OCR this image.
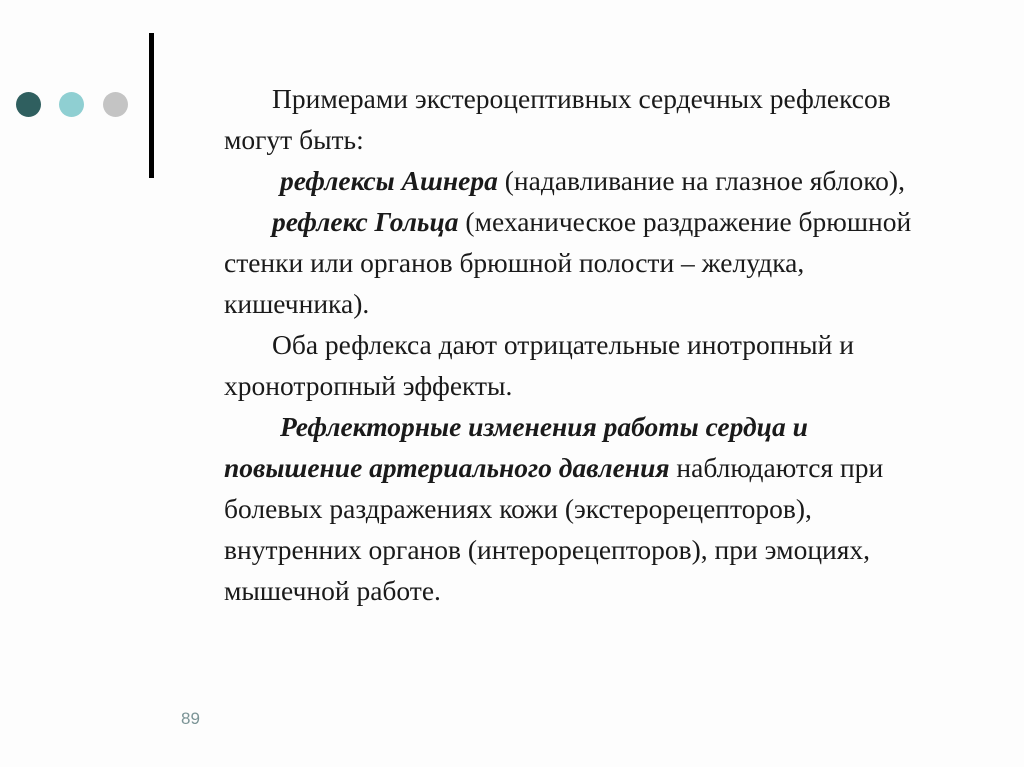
Примерами экстероцептивных сердечных рефлексов могут быть:

рефлексы Ашнера (надавливание на глазное яблоко),

рефлекс Гольца (механическое раздражение брюшной стенки или органов брюшной полости – желудка, кишечника).

Оба рефлекса дают отрицательные инотропный и хронотропный эффекты.

Рефлекторные изменения работы сердца и повышение артериального давления наблюдаются при болевых раздражениях кожи (экстерорецепторов), внутренних органов (интерорецепторов), при эмоциях, мышечной работе.

89
